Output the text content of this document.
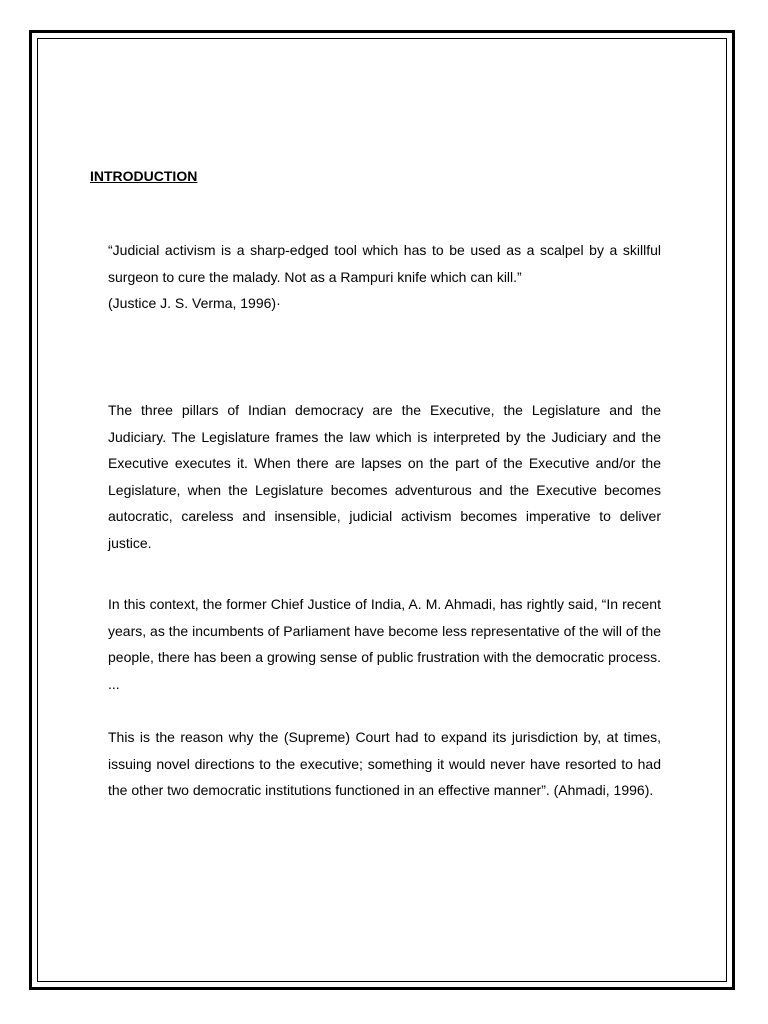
INTRODUCTION
“Judicial activism is a sharp-edged tool which has to be used as a scalpel by a skillful surgeon to cure the malady. Not as a Rampuri knife which can kill.”
(Justice J. S. Verma, 1996)·

The three pillars of Indian democracy are the Executive, the Legislature and the Judiciary. The Legislature frames the law which is interpreted by the Judiciary and the Executive executes it. When there are lapses on the part of the Executive and/or the Legislature, when the Legislature becomes adventurous and the Executive becomes autocratic, careless and insensible, judicial activism becomes imperative to deliver justice.

In this context, the former Chief Justice of India, A. M. Ahmadi, has rightly said, “In recent years, as the incumbents of Parliament have become less representative of the will of the people, there has been a growing sense of public frustration with the democratic process. ...

This is the reason why the (Supreme) Court had to expand its jurisdiction by, at times, issuing novel directions to the executive; something it would never have resorted to had the other two democratic institutions functioned in an effective manner”. (Ahmadi, 1996).
